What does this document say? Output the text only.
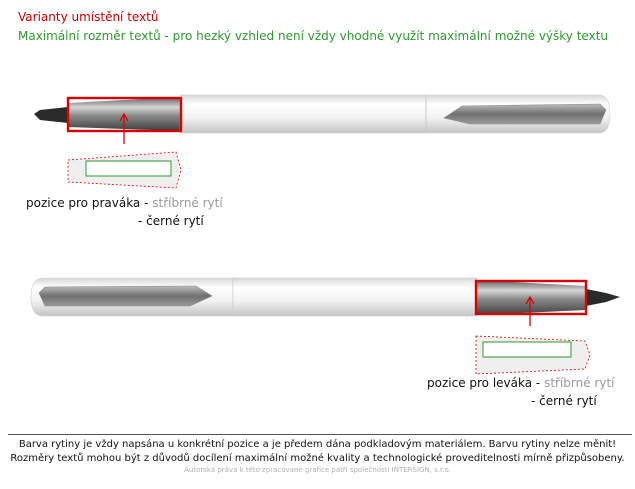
Varianty umístění textů
Maximální rozměr textů - pro hezký vzhled není vždy vhodné využít maximální možné výšky textu
pozice pro praváka - stříbrné rytí
- černé rytí
pozice pro leváka - stříbrné rytí
- černé rytí
Barva rytiny je vždy napsána u konkrétní pozice a je předem dána podkladovým materiálem. Barvu rytiny nelze měnit!
Rozměry textů mohou být z důvodů docílení maximální možné kvality a technologické proveditelnosti mírně přizpůsobeny.
Autorská práva k této zpracované grafice patří společnosti INTERSIGN, s.r.o.
